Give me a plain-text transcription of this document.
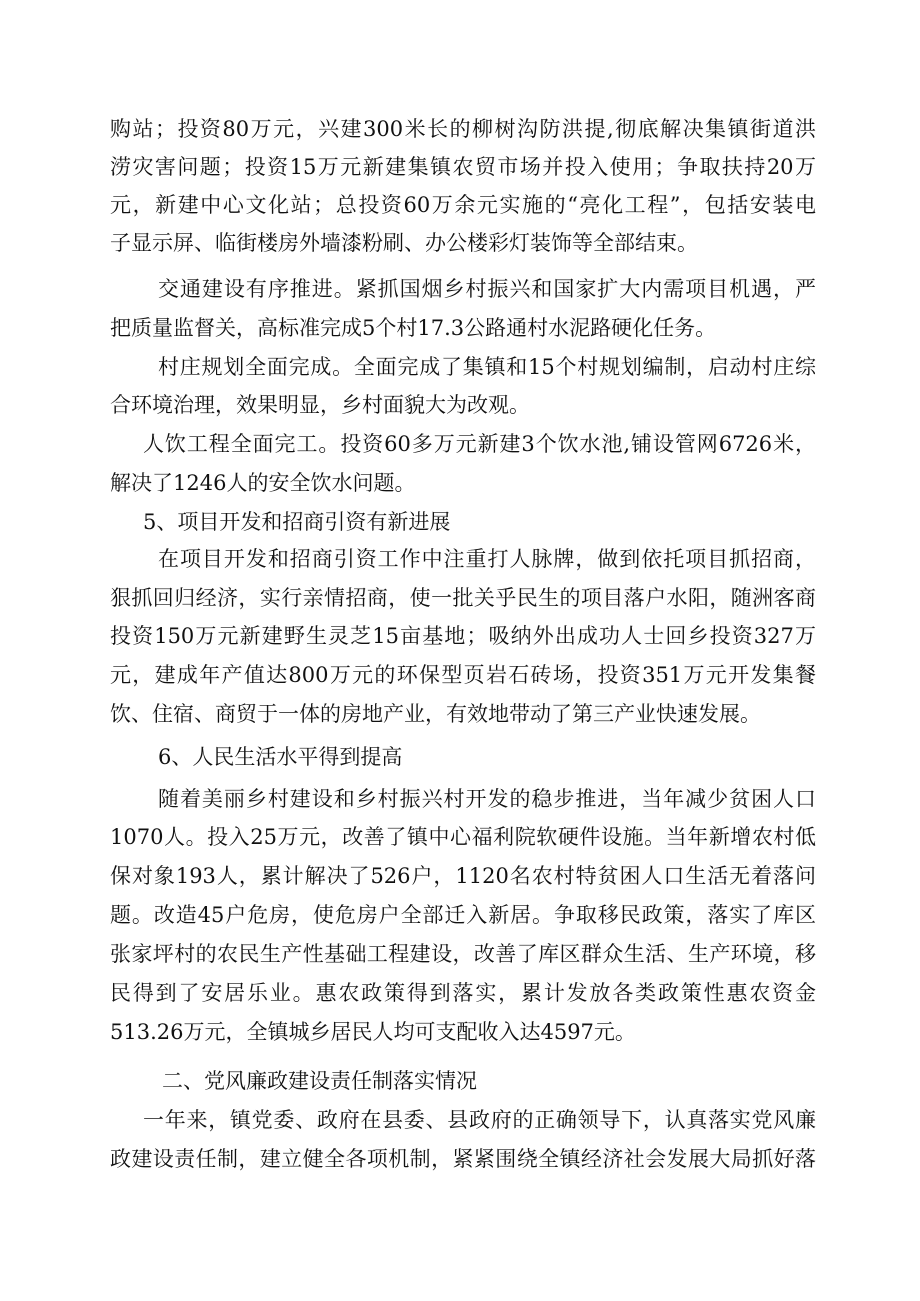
购站；投资80万元，兴建300米长的柳树沟防洪提,彻底解决集镇街道洪
涝灾害问题；投资15万元新建集镇农贸市场并投入使用；争取扶持20万
元，新建中心文化站；总投资60万余元实施的“亮化工程”，包括安装电
子显示屏、临街楼房外墙漆粉刷、办公楼彩灯装饰等全部结束。
交通建设有序推进。紧抓国烟乡村振兴和国家扩大内需项目机遇，严
把质量监督关，高标准完成5个村17.3公路通村水泥路硬化任务。
村庄规划全面完成。全面完成了集镇和15个村规划编制，启动村庄综
合环境治理，效果明显，乡村面貌大为改观。
人饮工程全面完工。投资60多万元新建3个饮水池,铺设管网6726米，
解决了1246人的安全饮水问题。
5、项目开发和招商引资有新进展
在项目开发和招商引资工作中注重打人脉牌，做到依托项目抓招商，
狠抓回归经济，实行亲情招商，使一批关乎民生的项目落户水阳，随洲客商
投资150万元新建野生灵芝15亩基地；吸纳外出成功人士回乡投资327万
元，建成年产值达800万元的环保型页岩石砖场，投资351万元开发集餐
饮、住宿、商贸于一体的房地产业，有效地带动了第三产业快速发展。
6、人民生活水平得到提高
随着美丽乡村建设和乡村振兴村开发的稳步推进，当年减少贫困人口
1070人。投入25万元，改善了镇中心福利院软硬件设施。当年新增农村低
保对象193人，累计解决了526户，1120名农村特贫困人口生活无着落问
题。改造45户危房，使危房户全部迁入新居。争取移民政策，落实了库区
张家坪村的农民生产性基础工程建设，改善了库区群众生活、生产环境，移
民得到了安居乐业。惠农政策得到落实，累计发放各类政策性惠农资金
513.26万元，全镇城乡居民人均可支配收入达4597元。
二、党风廉政建设责任制落实情况
一年来，镇党委、政府在县委、县政府的正确领导下，认真落实党风廉
政建设责任制，建立健全各项机制，紧紧围绕全镇经济社会发展大局抓好落
